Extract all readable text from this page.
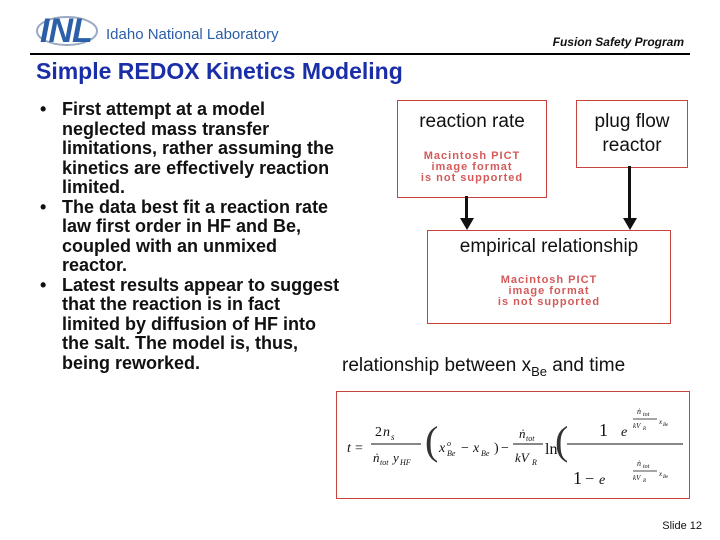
INL Idaho National Laboratory	Fusion Safety Program
Simple REDOX Kinetics Modeling
• First attempt at a model neglected mass transfer limitations, rather assuming the kinetics are effectively reaction limited.
• The data best fit a reaction rate law first order in HF and Be, coupled with an unmixed reactor.
• Latest results appear to suggest that the reaction is in fact limited by diffusion of HF into the salt. The model is, thus, being reworked.
reaction rate
Macintosh PICT
image format
is not supported
plug flow
reactor
empirical relationship
Macintosh PICT
image format
is not supported
relationship between $x_{Be}$ and time
t =
2 n s
ṅ tot y HF ( x o
Be − x Be ) −
ṅ tot
kV R
ln
( 1 e
1 − e
ṅ tot
kV R
x Be
ṅ tot
kV R
x Be
Slide 12
